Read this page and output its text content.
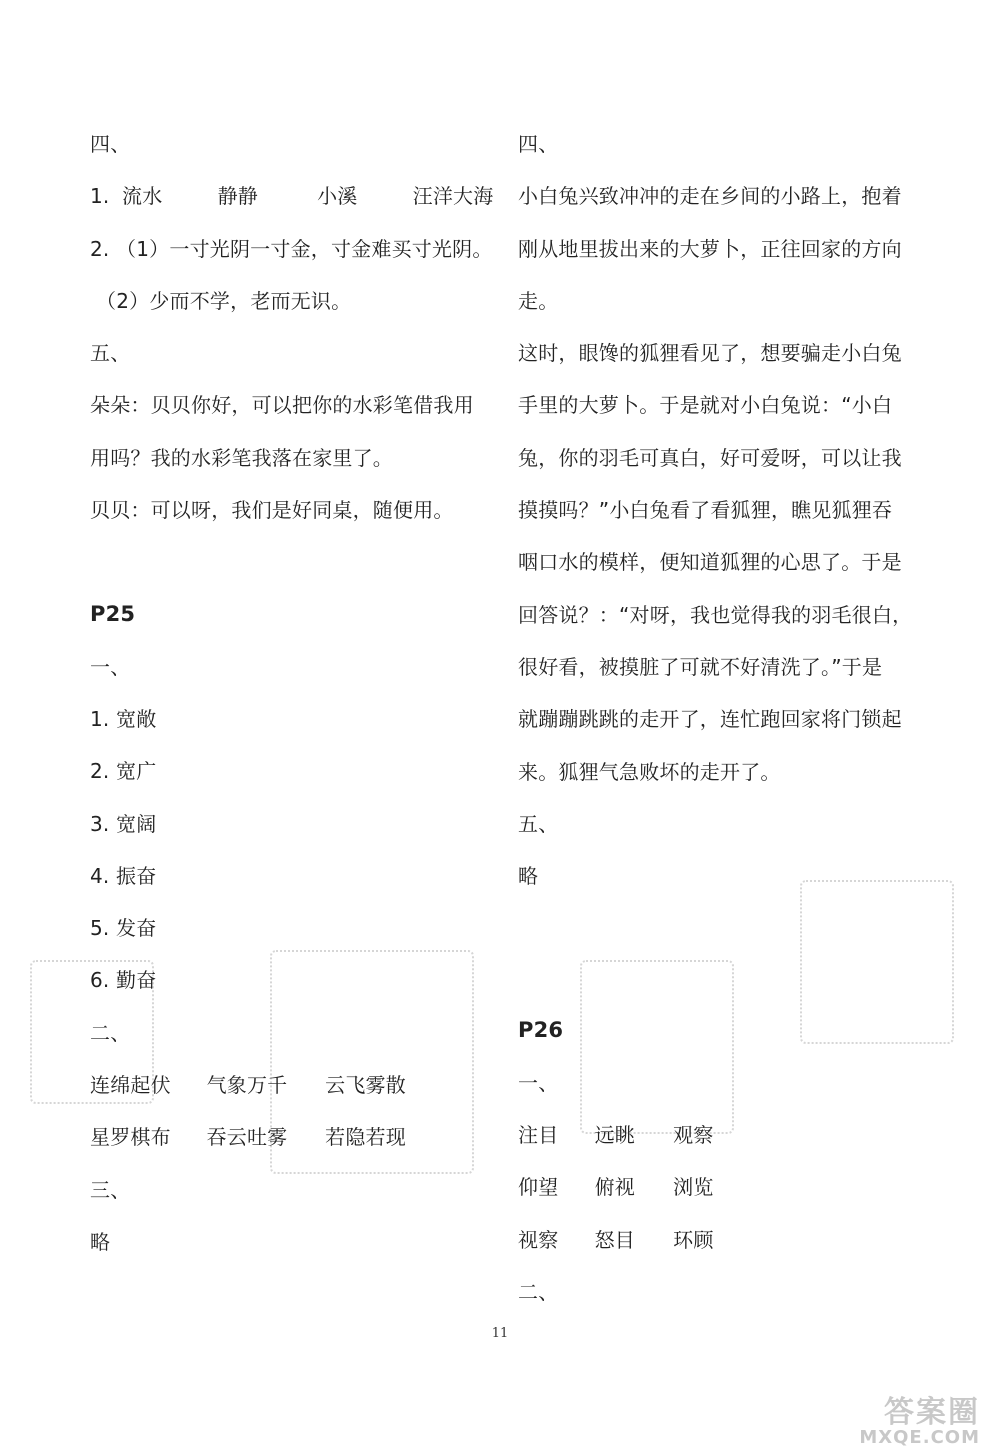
四、
1. 流水	静静	小溪	汪洋大海
2. （1）一寸光阴一寸金，寸金难买寸光阴。
（2）少而不学，老而无识。
五、
朵朵：贝贝你好，可以把你的水彩笔借我用
用吗？我的水彩笔我落在家里了。
贝贝：可以呀，我们是好同桌，随便用。
P25
一、
1. 宽敞
2. 宽广
3. 宽阔
4. 振奋
5. 发奋
6. 勤奋
二、
连绵起伏 气象万千 云飞雾散
星罗棋布 吞云吐雾 若隐若现
三、
略
四、
小白兔兴致冲冲的走在乡间的小路上，抱着
刚从地里拔出来的大萝卜，正往回家的方向
走。
这时，眼馋的狐狸看见了，想要骗走小白兔
手里的大萝卜。于是就对小白兔说：“小白
兔，你的羽毛可真白，好可爱呀，可以让我
摸摸吗？”小白兔看了看狐狸，瞧见狐狸吞
咽口水的模样，便知道狐狸的心思了。于是
回答说？：“对呀，我也觉得我的羽毛很白，
很好看，被摸脏了可就不好清洗了。”于是
就蹦蹦跳跳的走开了，连忙跑回家将门锁起
来。狐狸气急败坏的走开了。
五、
略
P26
一、
注目 远眺 观察
仰望 俯视 浏览
视察 怒目 环顾
二、
11
答案圈
MXQE.COM
